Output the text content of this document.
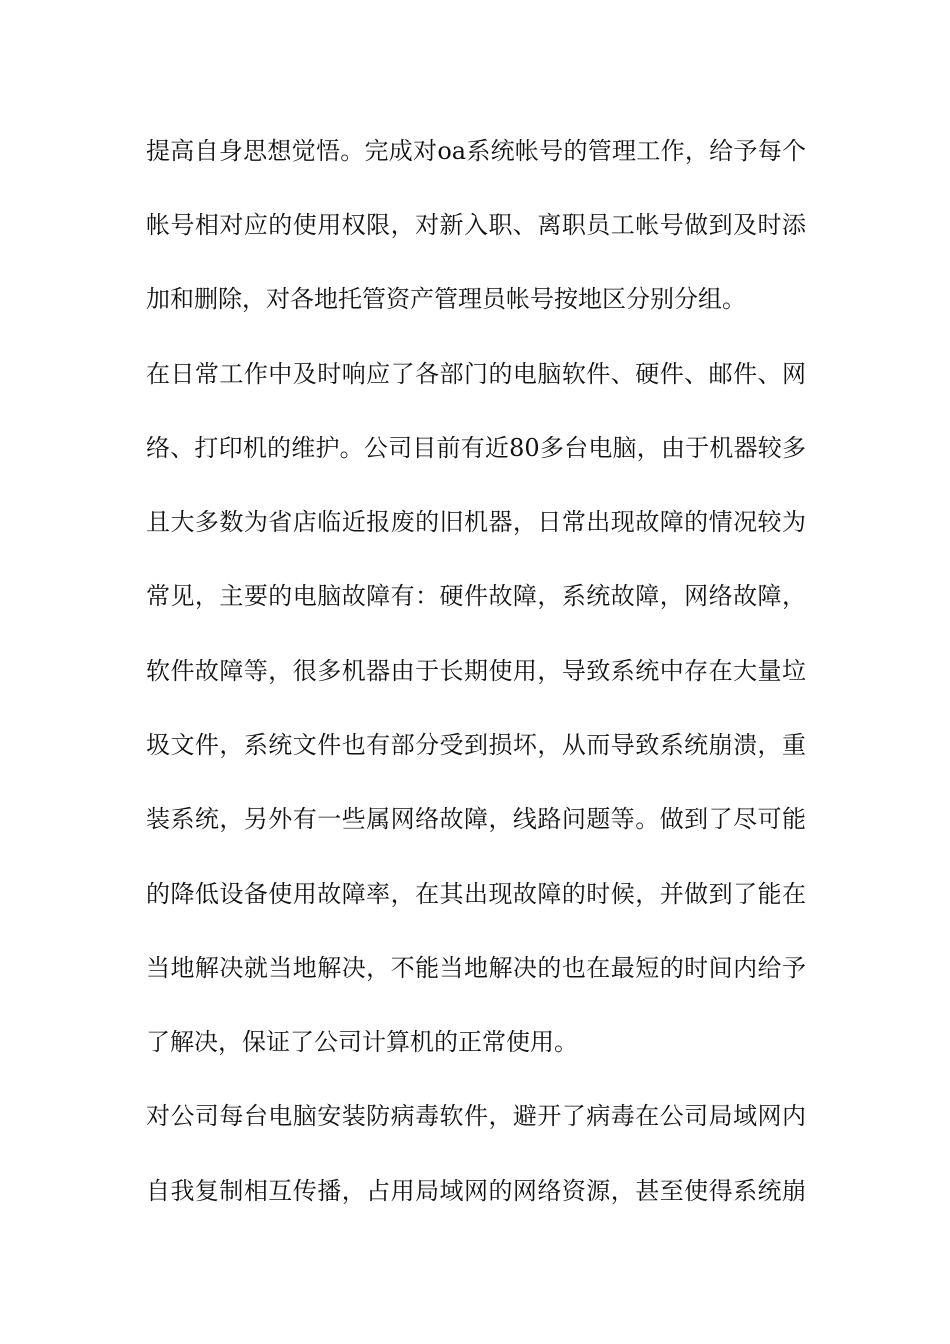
提高自身思想觉悟。完成对oa系统帐号的管理工作，给予每个
帐号相对应的使用权限，对新入职、离职员工帐号做到及时添
加和删除，对各地托管资产管理员帐号按地区分别分组。
在日常工作中及时响应了各部门的电脑软件、硬件、邮件、网
络、打印机的维护。公司目前有近80多台电脑，由于机器较多
且大多数为省店临近报废的旧机器，日常出现故障的情况较为
常见，主要的电脑故障有：硬件故障，系统故障，网络故障，
软件故障等，很多机器由于长期使用，导致系统中存在大量垃
圾文件，系统文件也有部分受到损坏，从而导致系统崩溃，重
装系统，另外有一些属网络故障，线路问题等。做到了尽可能
的降低设备使用故障率，在其出现故障的时候，并做到了能在
当地解决就当地解决，不能当地解决的也在最短的时间内给予
了解决，保证了公司计算机的正常使用。
对公司每台电脑安装防病毒软件，避开了病毒在公司局域网内
自我复制相互传播，占用局域网的网络资源，甚至使得系统崩
